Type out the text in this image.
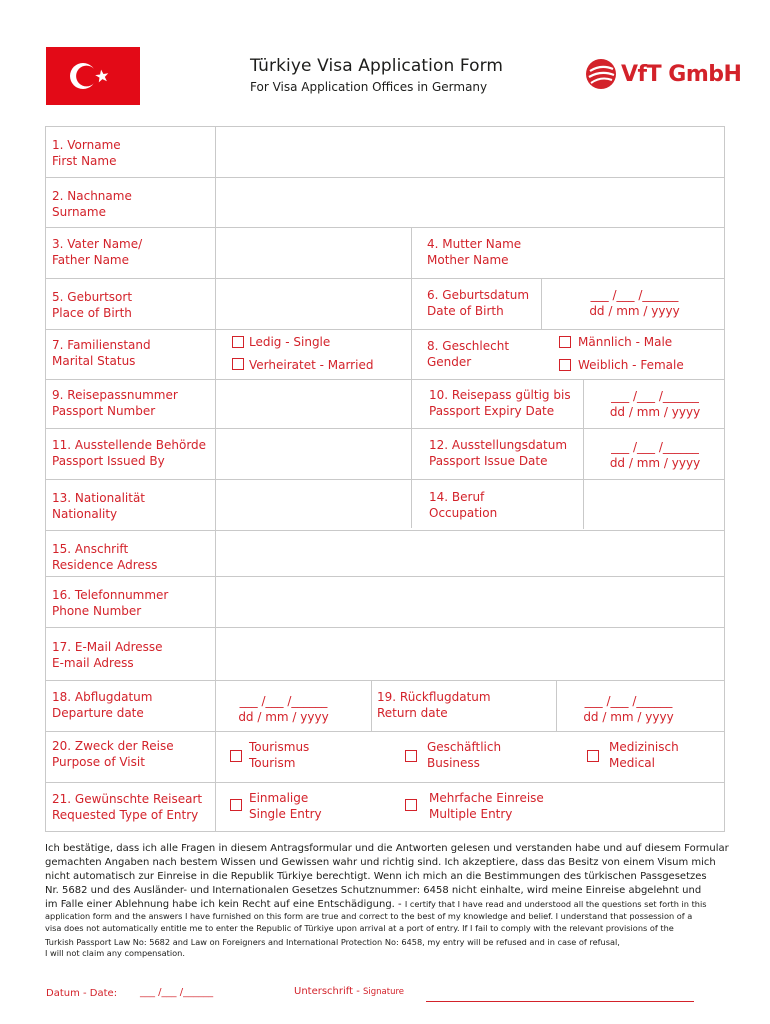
Türkiye Visa Application Form
For Visa Application Offices in Germany
VfT GmbH
1. Vorname
First Name
2. Nachname
Surname
3. Vater Name/
Father Name
4. Mutter Name
Mother Name
5. Geburtsort
Place of Birth
6. Geburtsdatum
Date of Birth
___ /___ /______
dd / mm / yyyy
7. Familienstand
Marital Status
Ledig - Single
Verheiratet - Married
8. Geschlecht
Gender
Männlich - Male
Weiblich - Female
9. Reisepassnummer
Passport Number
10. Reisepass gültig bis
Passport Expiry Date
___ /___ /______
dd / mm / yyyy
11. Ausstellende Behörde
Passport Issued By
12. Ausstellungsdatum
Passport Issue Date
___ /___ /______
dd / mm / yyyy
13. Nationalität
Nationality
14. Beruf
Occupation
15. Anschrift
Residence Adress
16. Telefonnummer
Phone Number
17. E-Mail Adresse
E-mail Adress
18. Abflugdatum
Departure date
___ /___ /______
dd / mm / yyyy
19. Rückflugdatum
Return date
___ /___ /______
dd / mm / yyyy
20. Zweck der Reise
Purpose of Visit
Tourismus
Tourism
Geschäftlich
Business
Medizinisch
Medical
21. Gewünschte Reiseart
Requested Type of Entry
Einmalige
Single Entry
Mehrfache Einreise
Multiple Entry
Ich bestätige, dass ich alle Fragen in diesem Antragsformular und die Antworten gelesen und verstanden habe und auf diesem Formular
gemachten Angaben nach bestem Wissen und Gewissen wahr und richtig sind. Ich akzeptiere, dass das Besitz von einem Visum mich
nicht automatisch zur Einreise in die Republik Türkiye berechtigt. Wenn ich mich an die Bestimmungen des türkischen Passgesetzes
Nr. 5682 und des Ausländer- und Internationalen Gesetzes Schutznummer: 6458 nicht einhalte, wird meine Einreise abgelehnt und
im Falle einer Ablehnung habe ich kein Recht auf eine Entschädigung. - I certify that I have read and understood all the questions set forth in this
application form and the answers I have furnished on this form are true and correct to the best of my knowledge and belief. I understand that possession of a
visa does not automatically entitle me to enter the Republic of Türkiye upon arrival at a port of entry. If I fail to comply with the relevant provisions of the
Turkish Passport Law No: 5682 and Law on Foreigners and International Protection No: 6458, my entry will be refused and in case of refusal,
I will not claim any compensation.
Datum - Date: ___ /___ /______	Unterschrift - Signature
